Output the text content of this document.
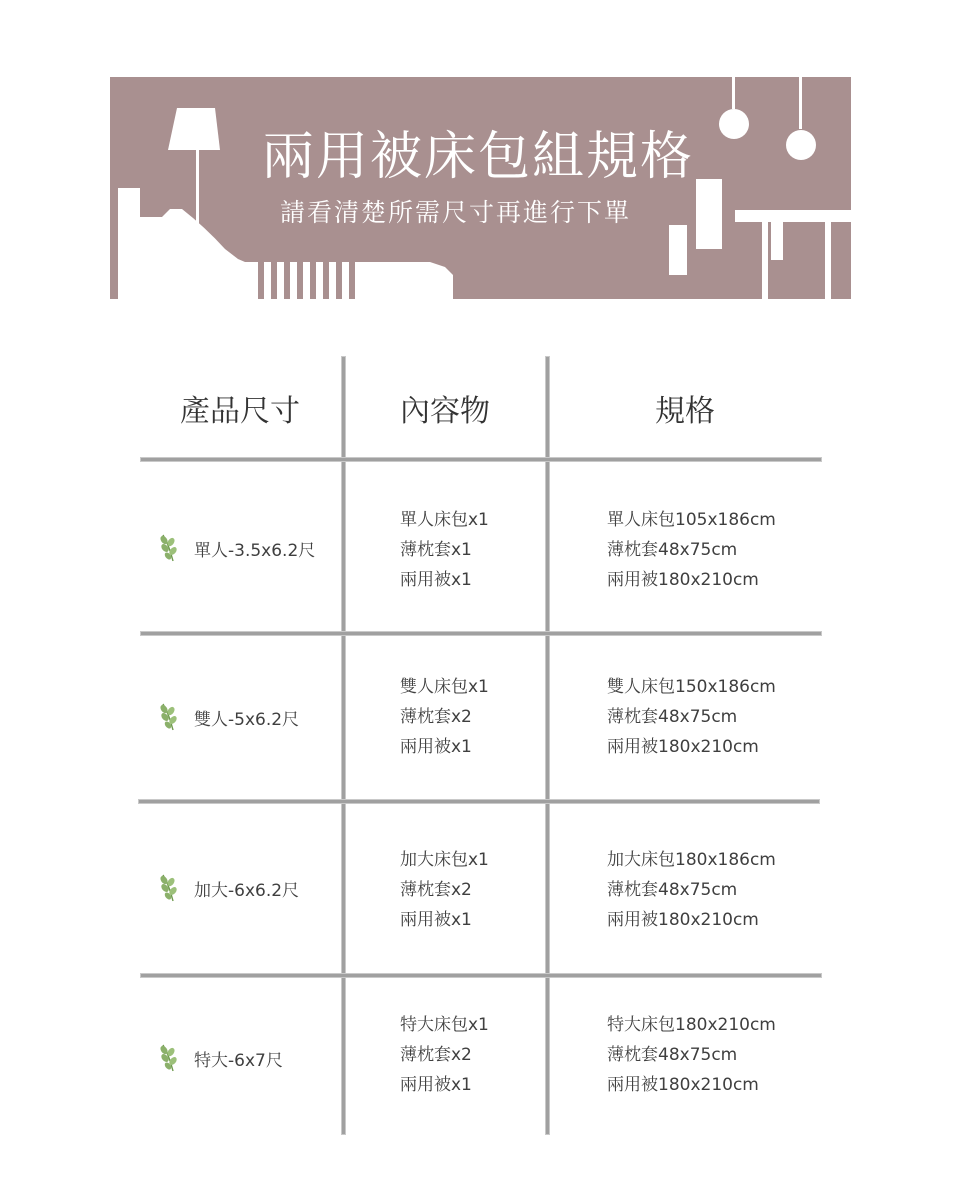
兩用被床包組規格
請看清楚所需尺寸再進行下單
產品尺寸	內容物	規格
單人-3.5x6.2尺
單人床包x1
薄枕套x1
兩用被x1
單人床包105x186cm
薄枕套48x75cm
兩用被180x210cm
雙人-5x6.2尺
雙人床包x1
薄枕套x2
兩用被x1
雙人床包150x186cm
薄枕套48x75cm
兩用被180x210cm
加大-6x6.2尺
加大床包x1
薄枕套x2
兩用被x1
加大床包180x186cm
薄枕套48x75cm
兩用被180x210cm
特大-6x7尺
特大床包x1
薄枕套x2
兩用被x1
特大床包180x210cm
薄枕套48x75cm
兩用被180x210cm
